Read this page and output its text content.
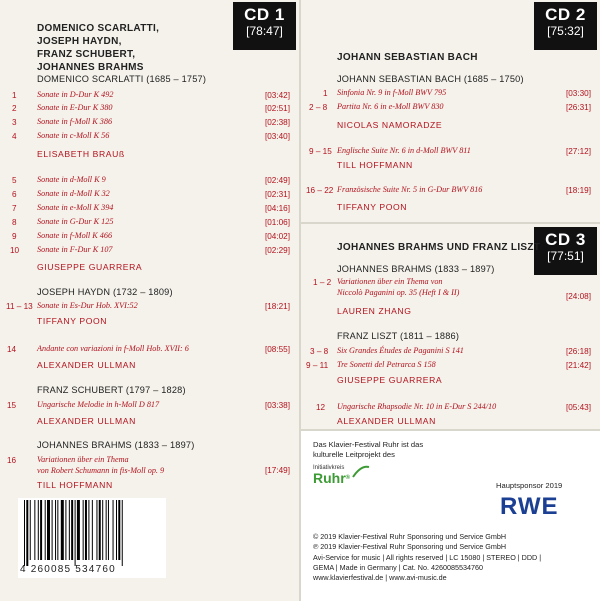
CD 1
[78:47]
DOMENICO SCARLATTI,
JOSEPH HAYDN,
FRANZ SCHUBERT,
JOHANNES BRAHMS
DOMENICO SCARLATTI (1685 – 1757)
1 Sonate in D-Dur K 492	[03:42]
2 Sonate in E-Dur K 380	[02:51]
3 Sonate in f-Moll K 386	[02:38]
4 Sonate in c-Moll K 56	[03:40]
ELISABETH BRAUß
5 Sonate in d-Moll K 9	[02:49]
6 Sonate in d-Moll K 32	[02:31]
7 Sonate in e-Moll K 394	[04:16]
8 Sonate in G-Dur K 125	[01:06]
9 Sonate in f-Moll K 466	[04:02]
10 Sonate in F-Dur K 107	[02:29]
GIUSEPPE GUARRERA
JOSEPH HAYDN (1732 – 1809)
11 – 13 Sonate in Es-Dur Hob. XVI:52	[18:21]
TIFFANY POON
14	Andante con variazioni in f-Moll Hob. XVII: 6	[08:55]
ALEXANDER ULLMAN
FRANZ SCHUBERT (1797 – 1828)
15	Ungarische Melodie in h-Moll D 817	[03:38]
ALEXANDER ULLMAN
JOHANNES BRAHMS (1833 – 1897)
16	Variationen über ein Thema
von Robert Schumann in fis-Moll op. 9	[17:49]
TILL HOFFMANN
CD 2
[75:32]
JOHANN SEBASTIAN BACH
JOHANN SEBASTIAN BACH (1685 – 1750)
1 Sinfonia Nr. 9 in f-Moll BWV 795	[03:30]
2 – 8 Partita Nr. 6 in e-Moll BWV 830	[26:31]
NICOLAS NAMORADZE
9 – 15 Englische Suite Nr. 6 in d-Moll BWV 811	[27:12]
TILL HOFFMANN
16 – 22 Französische Suite Nr. 5 in G-Dur BWV 816	[18:19]
TIFFANY POON
CD 3
[77:51]
JOHANNES BRAHMS UND FRANZ LISZT
JOHANNES BRAHMS (1833 – 1897)
1 – 2 Variationen über ein Thema von
Niccolò Paganini op. 35 (Heft I & II)	[24:08]
LAUREN ZHANG
FRANZ LISZT (1811 – 1886)
3 – 8 Six Grandes Études de Paganini S 141	[26:18]
9 – 11 Tre Sonetti del Petrarca S 158	[21:42]
GIUSEPPE GUARRERA
12 Ungarische Rhapsodie Nr. 10 in E-Dur S 244/10	[05:43]
ALEXANDER ULLMAN
Das Klavier-Festival Ruhr ist das
kulturelle Leitprojekt des
Initiativkreis
Ruhr®
Hauptsponsor 2019
RWE
© 2019 Klavier-Festival Ruhr Sponsoring und Service GmbH
℗ 2019 Klavier-Festival Ruhr Sponsoring und Service GmbH
Avi-Service for music | All rights reserved | LC 15080 | STEREO | DDD |
GEMA | Made in Germany | Cat. No. 4260085534760
www.klavierfestival.de | www.avi-music.de
4 260085 534760
